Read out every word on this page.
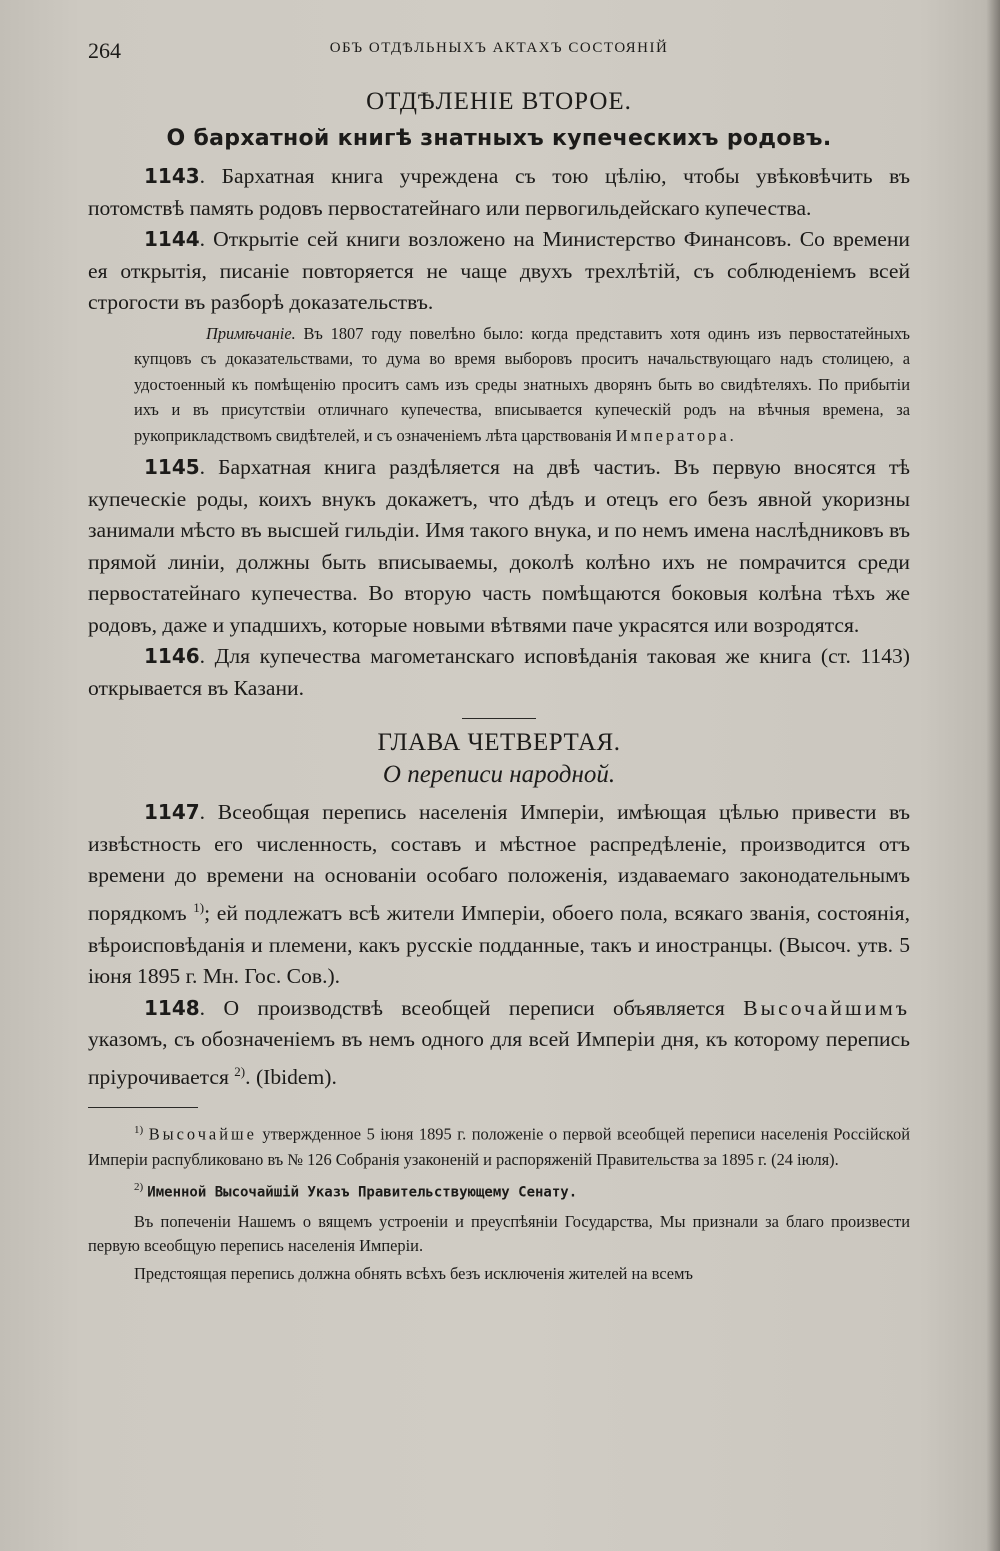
264	ОБЪ ОТДѢЛЬНЫХЪ АКТАХЪ СОСТОЯНІЙ
ОТДѢЛЕНІЕ ВТОРОЕ.
О бархатной книгѣ знатныхъ купеческихъ родовъ.

1143. Бархатная книга учреждена съ тою цѣлію, чтобы увѣковѣчить въ потомствѣ память родовъ первостатейнаго или первогильдейскаго купечества.

1144. Открытіе сей книги возложено на Министерство Финансовъ. Со времени ея открытія, писаніе повторяется не чаще двухъ трехлѣтій, съ соблюденіемъ всей строгости въ разборѣ доказательствъ.

Примѣчаніе. Въ 1807 году повелѣно было: когда представитъ хотя одинъ изъ первостатейныхъ купцовъ съ доказательствами, то дума во время выборовъ проситъ начальствующаго надъ столицею, а удостоенный къ помѣщенію проситъ самъ изъ среды знатныхъ дворянъ быть во свидѣтеляхъ. По прибытіи ихъ и въ присутствіи отличнаго купечества, вписывается купеческій родъ на вѣчныя времена, за рукоприкладствомъ свидѣтелей, и съ означеніемъ лѣта царствованія Императора.

1145. Бархатная книга раздѣляется на двѣ частиъ. Въ первую вносятся тѣ купеческіе роды, коихъ внукъ докажетъ, что дѣдъ и отецъ его безъ явной укоризны занимали мѣсто въ высшей гильдіи. Имя такого внука, и по немъ имена наслѣдниковъ въ прямой линіи, должны быть вписываемы, доколѣ колѣно ихъ не помрачится среди первостатейнаго купечества. Во вторую часть помѣщаются боковыя колѣна тѣхъ же родовъ, даже и упадшихъ, которые новыми вѣтвями паче украсятся или возродятся.

1146. Для купечества магометанскаго исповѣданія таковая же книга (ст. 1143) открывается въ Казани.

ГЛАВА ЧЕТВЕРТАЯ.
О переписи народной.

1147. Всеобщая перепись населенія Имперіи, имѣющая цѣлью привести въ извѣстность его численность, составъ и мѣстное распредѣленіе, производится отъ времени до времени на основаніи особаго положенія, издаваемаго законодательнымъ порядкомъ $^{1)}$; ей подлежатъ всѣ жители Имперіи, обоего пола, всякаго званія, состоянія, вѣроисповѣданія и племени, какъ русскіе подданные, такъ и иностранцы. (Высоч. утв. 5 іюня 1895 г. Мн. Гос. Сов.).

1148. О производствѣ всеобщей переписи объявляется Высочайшимъ указомъ, съ обозначеніемъ въ немъ одного для всей Имперіи дня, къ которому перепись пріурочивается $^{2)}$. (Ibidem).

$^{1)}$ Высочайше утвержденное 5 іюня 1895 г. положеніе о первой всеобщей переписи населенія Россійской Имперіи распубликовано въ № 126 Собранія узаконеній и распоряженій Правительства за 1895 г. (24 іюля).

$^{2)}$ Именной Высочайшій Указъ Правительствующему Сенату.

Въ попеченіи Нашемъ о вящемъ устроеніи и преуспѣяніи Государства, Мы признали за благо произвести первую всеобщую перепись населенія Имперіи.

Предстоящая перепись должна обнять всѣхъ безъ исключенія жителей на всемъ
